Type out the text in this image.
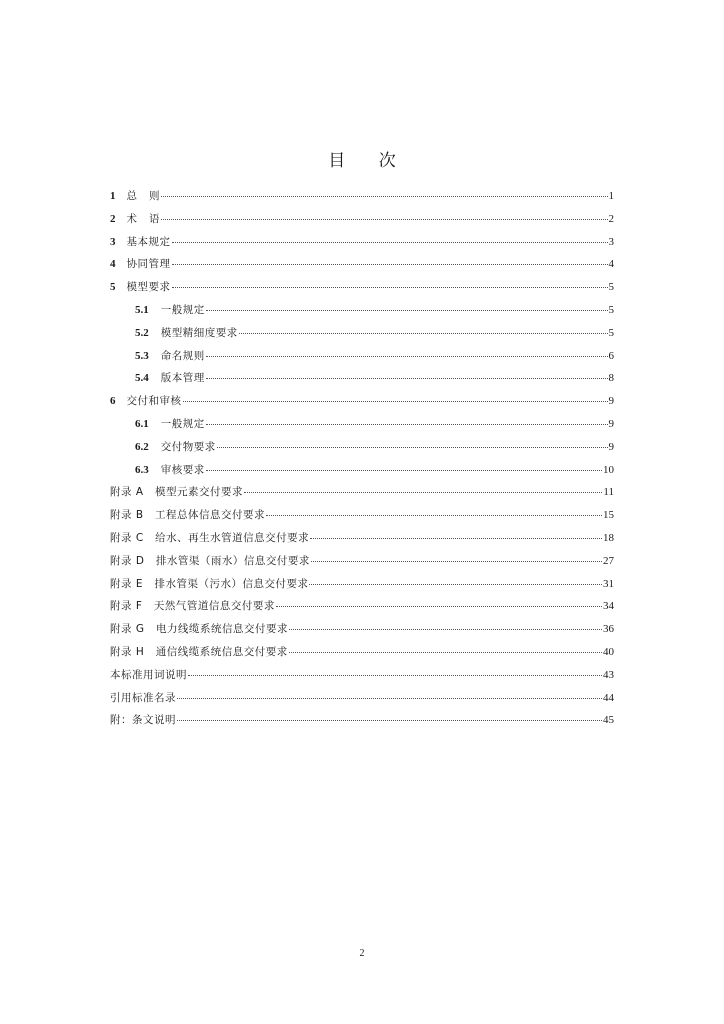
目 次
1 总   则	1
2 术   语	2
3 基本规定	3
4 协同管理	4
5 模型要求	5
5.1 一般规定	5
5.2 模型精细度要求	5
5.3 命名规则	6
5.4 版本管理	8
6 交付和审核	9
6.1 一般规定	9
6.2 交付物要求	9
6.3 审核要求	10
附录 A   模型元素交付要求	11
附录 B   工程总体信息交付要求	15
附录 C   给水、再生水管道信息交付要求	18
附录 D   排水管渠（雨水）信息交付要求	27
附录 E   排水管渠（污水）信息交付要求	31
附录 F   天然气管道信息交付要求	34
附录 G   电力线缆系统信息交付要求	36
附录 H   通信线缆系统信息交付要求	40
本标准用词说明	43
引用标准名录	44
附：条文说明	45
2
